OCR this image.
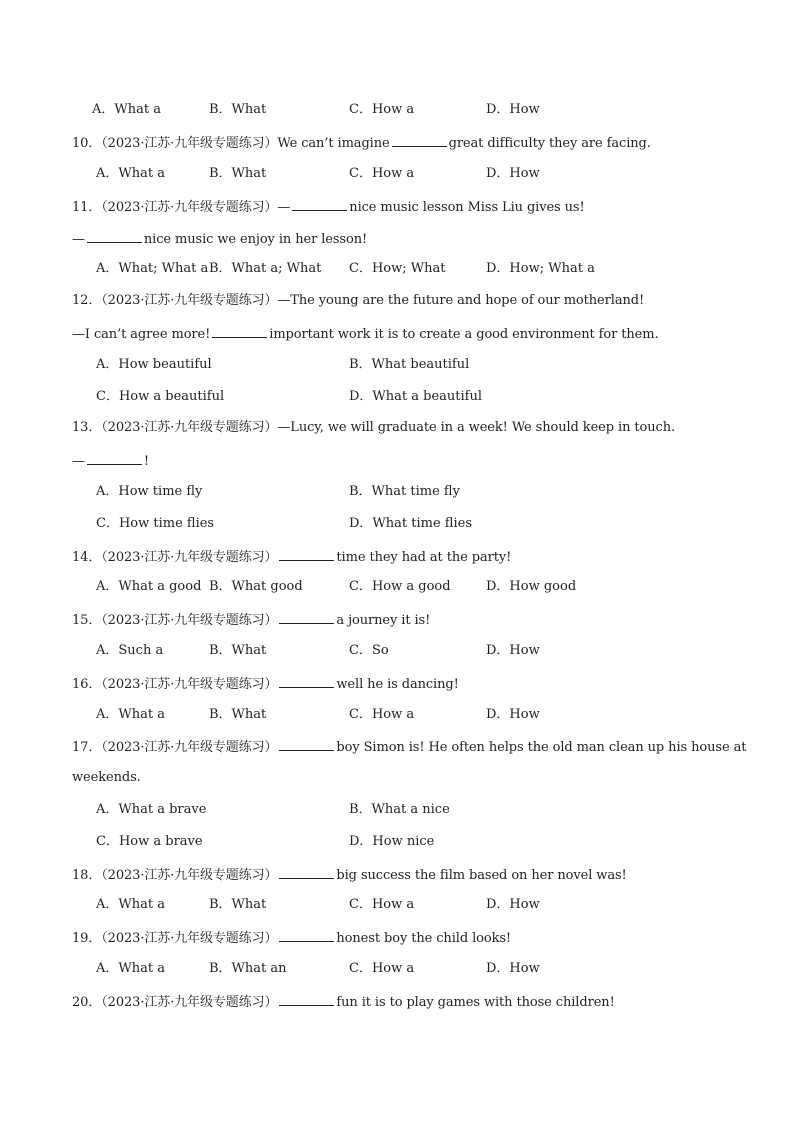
A．What a	B．What	C．How a	D．How
10．（2023·江苏·九年级专题练习）We can’t imagine	great difficulty they are facing.
A．What a	B．What	C．How a	D．How
11．（2023·江苏·九年级专题练习）—	nice music lesson Miss Liu gives us!
—	nice music we enjoy in her lesson!
A．What; What a B．What a; What C．How; What	D．How; What a
12．（2023·江苏·九年级专题练习）—The young are the future and hope of our motherland!
—I can’t agree more!	important work it is to create a good environment for them.
A．How beautiful	B．What beautiful
C．How a beautiful	D．What a beautiful
13．（2023·江苏·九年级专题练习）—Lucy, we will graduate in a week! We should keep in touch.
—	!
A．How time fly	B．What time fly
C．How time flies	D．What time flies
14．（2023·江苏·九年级专题练习）	time they had at the party!
A．What a good B．What good	C．How a good	D．How good
15．（2023·江苏·九年级专题练习）	a journey it is!
A．Such a	B．What	C．So	D．How
16．（2023·江苏·九年级专题练习）	well he is dancing!
A．What a	B．What	C．How a	D．How
17．（2023·江苏·九年级专题练习）	boy Simon is! He often helps the old man clean up his house at
weekends.
A．What a brave	B．What a nice
C．How a brave	D．How nice
18．（2023·江苏·九年级专题练习）	big success the film based on her novel was!
A．What a	B．What	C．How a	D．How
19．（2023·江苏·九年级专题练习）	honest boy the child looks!
A．What a	B．What an	C．How a	D．How
20．（2023·江苏·九年级专题练习）	fun it is to play games with those children!
